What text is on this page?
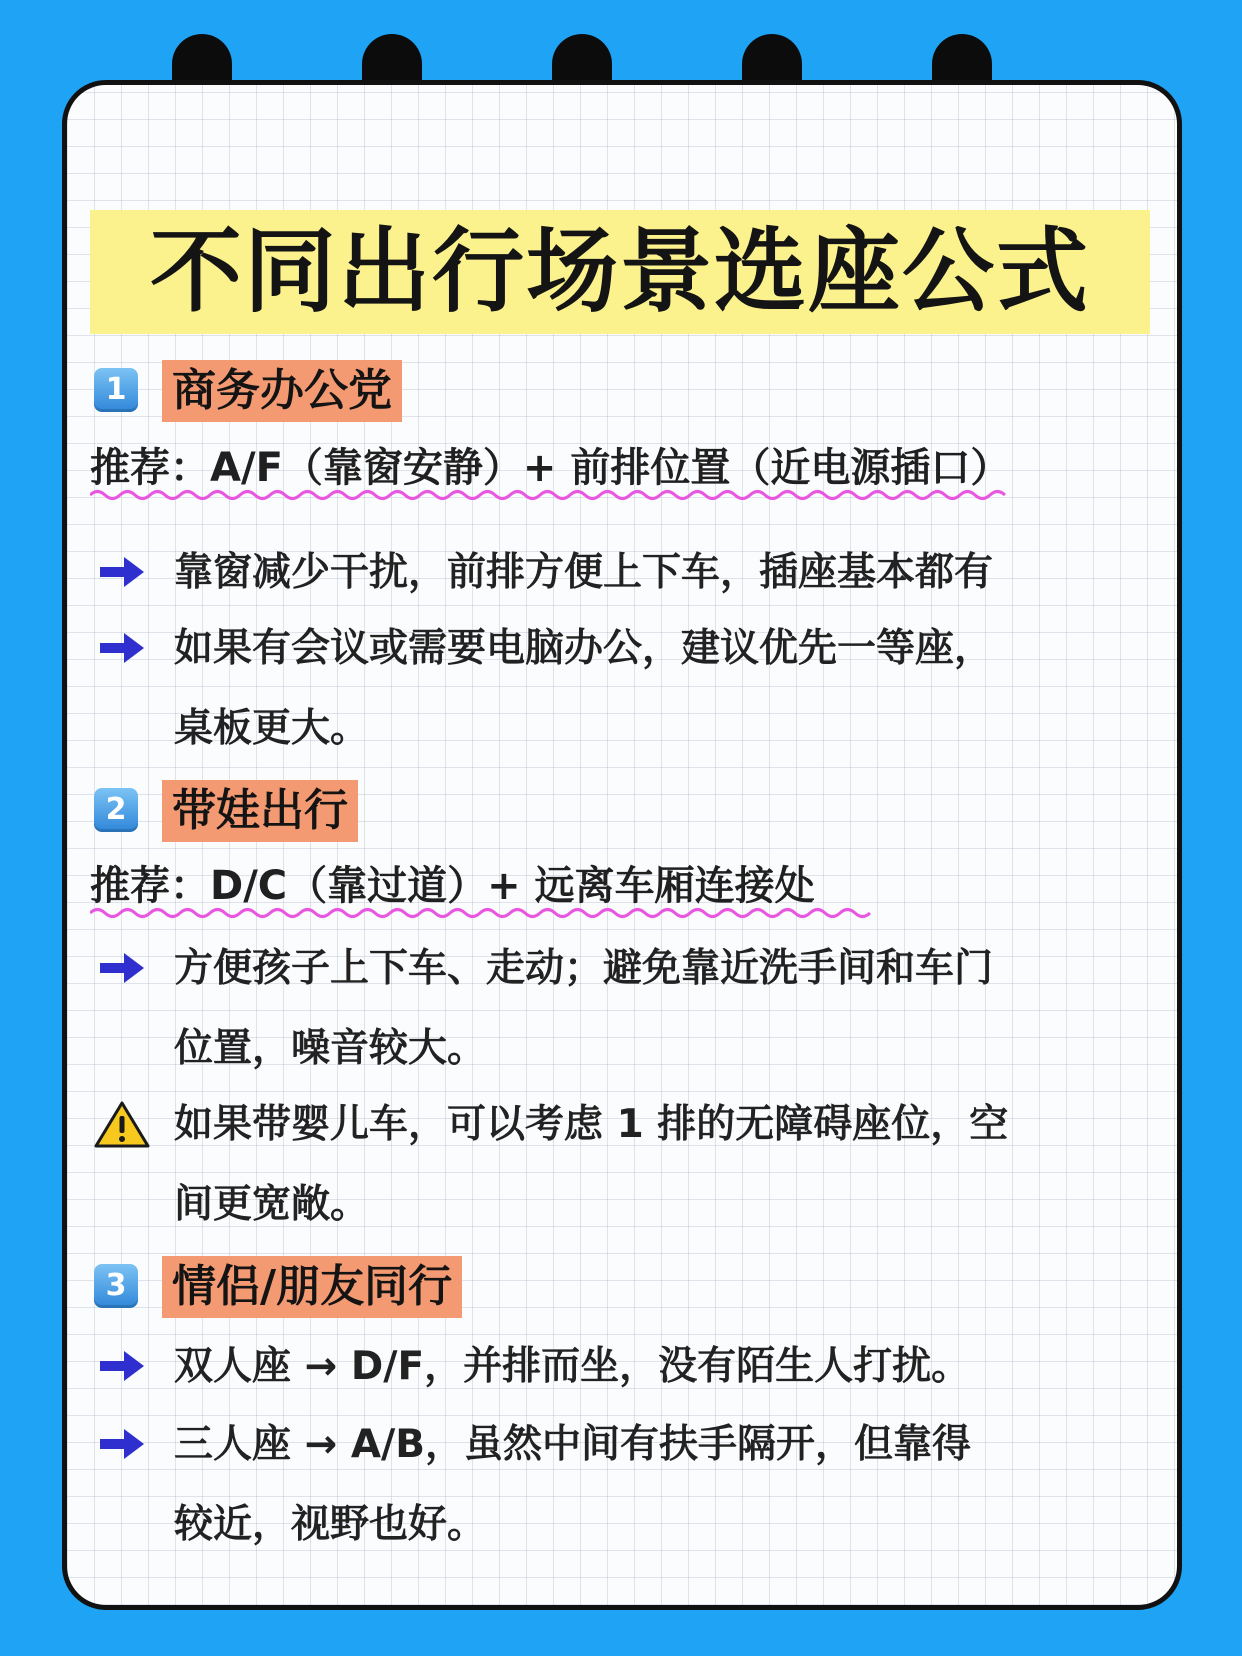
不同出行场景选座公式
1 商务办公党
推荐：A/F（靠窗安静）+ 前排位置（近电源插口）
靠窗减少干扰，前排方便上下车，插座基本都有
如果有会议或需要电脑办公，建议优先一等座，
桌板更大。
2 带娃出行
推荐：D/C（靠过道）+ 远离车厢连接处
方便孩子上下车、走动；避免靠近洗手间和车门
位置，噪音较大。
如果带婴儿车，可以考虑 1 排的无障碍座位，空
间更宽敞。
3 情侣/朋友同行
双人座 → D/F，并排而坐，没有陌生人打扰。
三人座 → A/B，虽然中间有扶手隔开，但靠得
较近，视野也好。
